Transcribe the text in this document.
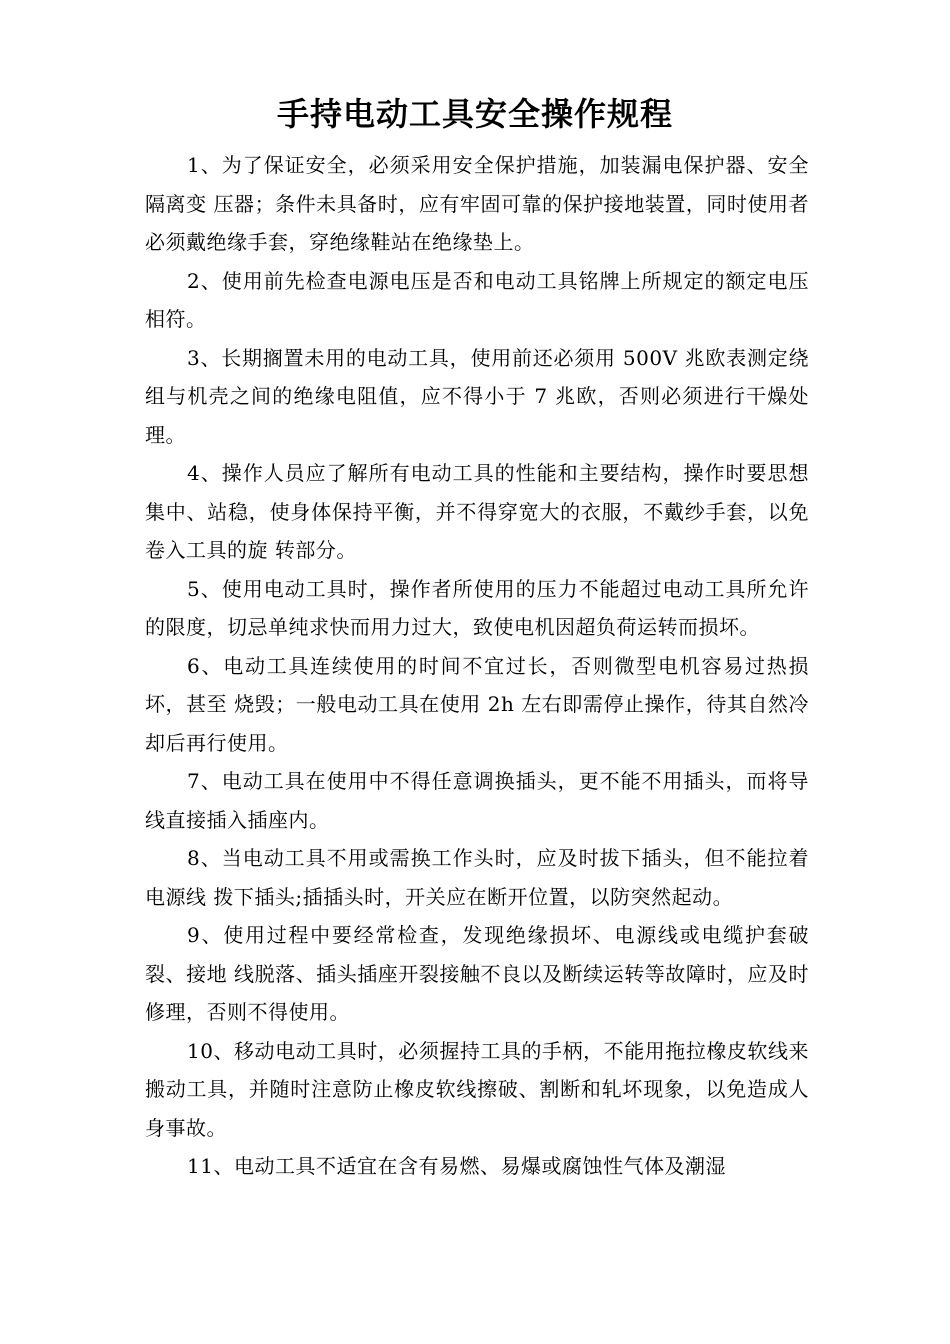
手持电动工具安全操作规程

1、为了保证安全，必须采用安全保护措施，加装漏电保护器、安全隔离变 压器；条件未具备时，应有牢固可靠的保护接地装置，同时使用者必须戴绝缘手套，穿绝缘鞋站在绝缘垫上。

2、使用前先检查电源电压是否和电动工具铭牌上所规定的额定电压相符。

3、长期搁置未用的电动工具，使用前还必须用 500V 兆欧表测定绕组与机壳之间的绝缘电阻值，应不得小于 7 兆欧，否则必须进行干燥处理。

4、操作人员应了解所有电动工具的性能和主要结构，操作时要思想集中、站稳，使身体保持平衡，并不得穿宽大的衣服，不戴纱手套，以免卷入工具的旋 转部分。

5、使用电动工具时，操作者所使用的压力不能超过电动工具所允许的限度，切忌单纯求快而用力过大，致使电机因超负荷运转而损坏。

6、电动工具连续使用的时间不宜过长，否则微型电机容易过热损坏，甚至 烧毁；一般电动工具在使用 2h 左右即需停止操作，待其自然冷却后再行使用。

7、电动工具在使用中不得任意调换插头，更不能不用插头，而将导线直接插入插座内。

8、当电动工具不用或需换工作头时，应及时拔下插头，但不能拉着电源线 拨下插头;插插头时，开关应在断开位置，以防突然起动。

9、使用过程中要经常检查，发现绝缘损坏、电源线或电缆护套破裂、接地 线脱落、插头插座开裂接触不良以及断续运转等故障时，应及时修理，否则不得使用。

10、移动电动工具时，必须握持工具的手柄，不能用拖拉橡皮软线来搬动工具，并随时注意防止橡皮软线擦破、割断和轧坏现象，以免造成人身事故。

11、电动工具不适宜在含有易燃、易爆或腐蚀性气体及潮湿
